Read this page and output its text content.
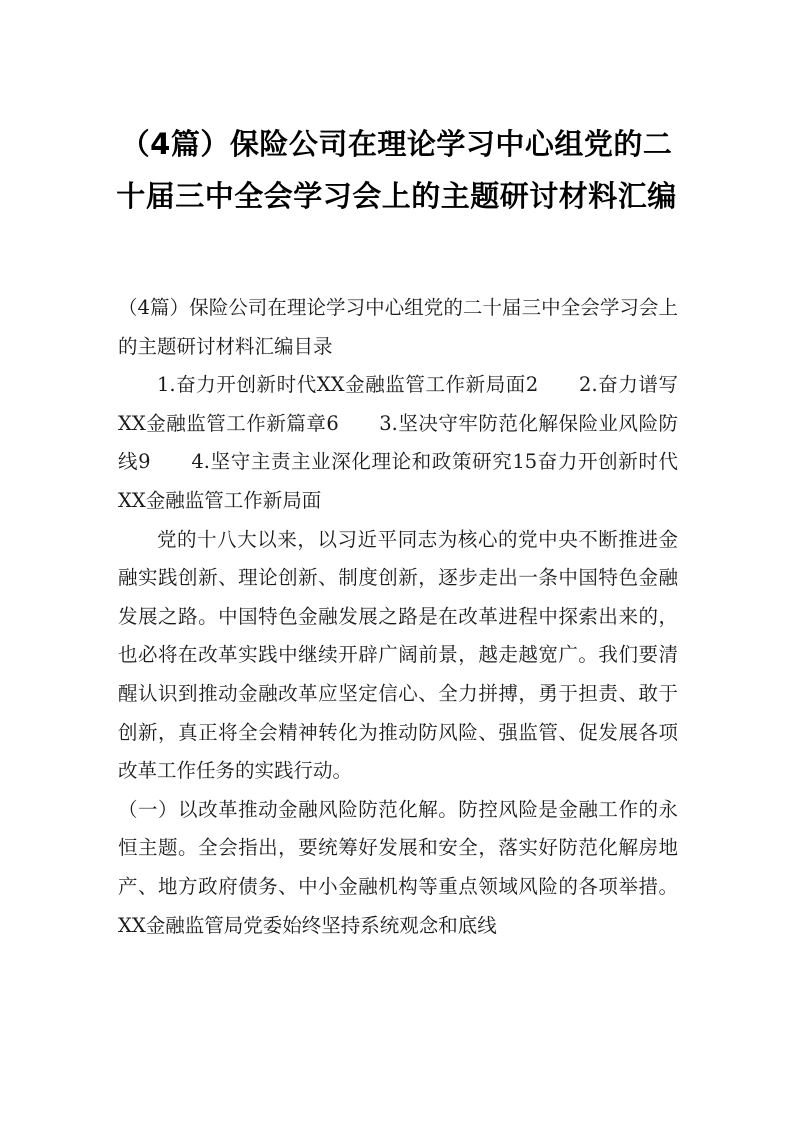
（4篇）保险公司在理论学习中心组党的二十届三中全会学习会上的主题研讨材料汇编

（4篇）保险公司在理论学习中心组党的二十届三中全会学习会上的主题研讨材料汇编目录

1.奋力开创新时代XX金融监管工作新局面2　　2.奋力谱写XX金融监管工作新篇章6　　3.坚决守牢防范化解保险业风险防线9　　4.坚守主责主业深化理论和政策研究15奋力开创新时代XX金融监管工作新局面

党的十八大以来，以习近平同志为核心的党中央不断推进金融实践创新、理论创新、制度创新，逐步走出一条中国特色金融发展之路。中国特色金融发展之路是在改革进程中探索出来的，也必将在改革实践中继续开辟广阔前景，越走越宽广。我们要清醒认识到推动金融改革应坚定信心、全力拼搏，勇于担责、敢于创新，真正将全会精神转化为推动防风险、强监管、促发展各项改革工作任务的实践行动。

（一）以改革推动金融风险防范化解。防控风险是金融工作的永恒主题。全会指出，要统筹好发展和安全，落实好防范化解房地产、地方政府债务、中小金融机构等重点领域风险的各项举措。XX金融监管局党委始终坚持系统观念和底线
